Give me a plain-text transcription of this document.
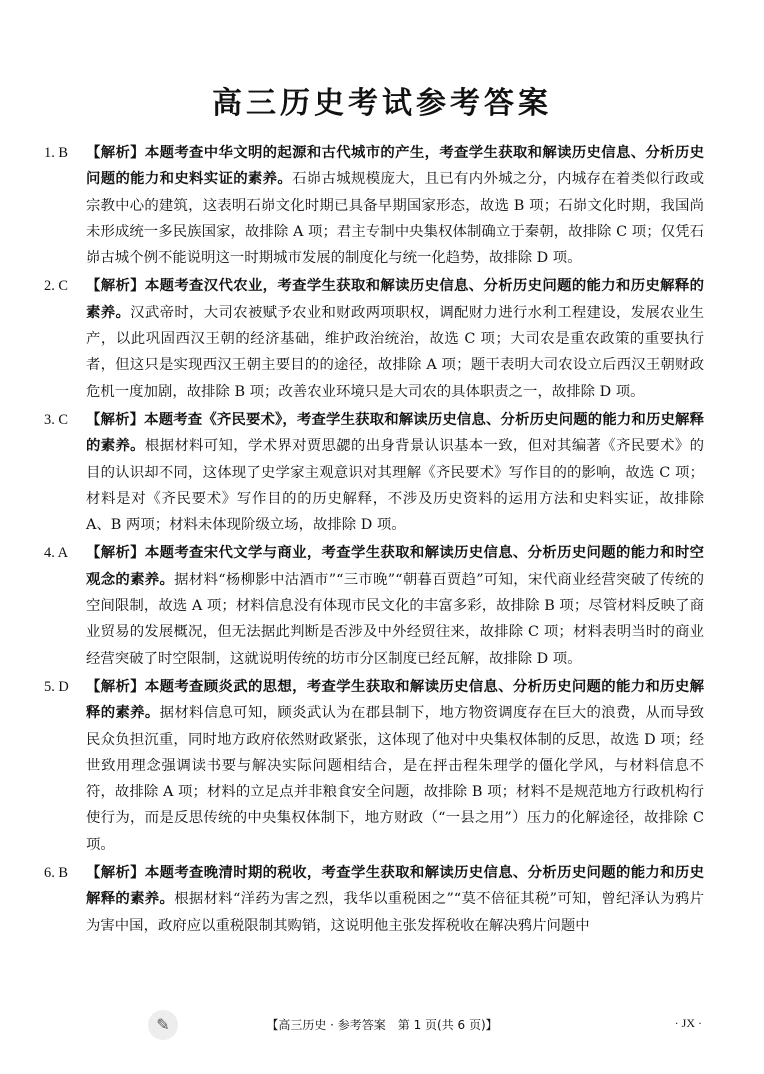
高三历史考试参考答案
1. B	【解析】本题考查中华文明的起源和古代城市的产生，考查学生获取和解读历史信息、分析历史问题的能力和史料实证的素养。石峁古城规模庞大，且已有内外城之分，内城存在着类似行政或宗教中心的建筑，这表明石峁文化时期已具备早期国家形态，故选 B 项；石峁文化时期，我国尚未形成统一多民族国家，故排除 A 项；君主专制中央集权体制确立于秦朝，故排除 C 项；仅凭石峁古城个例不能说明这一时期城市发展的制度化与统一化趋势，故排除 D 项。
2. C	【解析】本题考查汉代农业，考查学生获取和解读历史信息、分析历史问题的能力和历史解释的素养。汉武帝时，大司农被赋予农业和财政两项职权，调配财力进行水利工程建设，发展农业生产，以此巩固西汉王朝的经济基础，维护政治统治，故选 C 项；大司农是重农政策的重要执行者，但这只是实现西汉王朝主要目的的途径，故排除 A 项；题干表明大司农设立后西汉王朝财政危机一度加剧，故排除 B 项；改善农业环境只是大司农的具体职责之一，故排除 D 项。
3. C	【解析】本题考查《齐民要术》，考查学生获取和解读历史信息、分析历史问题的能力和历史解释的素养。根据材料可知，学术界对贾思勰的出身背景认识基本一致，但对其编著《齐民要术》的目的认识却不同，这体现了史学家主观意识对其理解《齐民要术》写作目的的影响，故选 C 项；材料是对《齐民要术》写作目的的历史解释，不涉及历史资料的运用方法和史料实证，故排除 A、B 两项；材料未体现阶级立场，故排除 D 项。
4. A	【解析】本题考查宋代文学与商业，考查学生获取和解读历史信息、分析历史问题的能力和时空观念的素养。据材料“杨柳影中沽酒市”“三市晚”“朝暮百贾趋”可知，宋代商业经营突破了传统的空间限制，故选 A 项；材料信息没有体现市民文化的丰富多彩，故排除 B 项；尽管材料反映了商业贸易的发展概况，但无法据此判断是否涉及中外经贸往来，故排除 C 项；材料表明当时的商业经营突破了时空限制，这就说明传统的坊市分区制度已经瓦解，故排除 D 项。
5. D	【解析】本题考查顾炎武的思想，考查学生获取和解读历史信息、分析历史问题的能力和历史解释的素养。据材料信息可知，顾炎武认为在郡县制下，地方物资调度存在巨大的浪费，从而导致民众负担沉重，同时地方政府依然财政紧张，这体现了他对中央集权体制的反思，故选 D 项；经世致用理念强调读书要与解决实际问题相结合，是在抨击程朱理学的僵化学风，与材料信息不符，故排除 A 项；材料的立足点并非粮食安全问题，故排除 B 项；材料不是规范地方行政机构行使行为，而是反思传统的中央集权体制下，地方财政（“一县之用”）压力的化解途径，故排除 C 项。
6. B	【解析】本题考查晚清时期的税收，考查学生获取和解读历史信息、分析历史问题的能力和历史解释的素养。根据材料“洋药为害之烈，我华以重税困之”“莫不倍征其税”可知，曾纪泽认为鸦片为害中国，政府应以重税限制其购销，这说明他主张发挥税收在解决鸦片问题中
✎	【高三历史 · 参考答案　第 1 页(共 6 页)】	· JX ·
